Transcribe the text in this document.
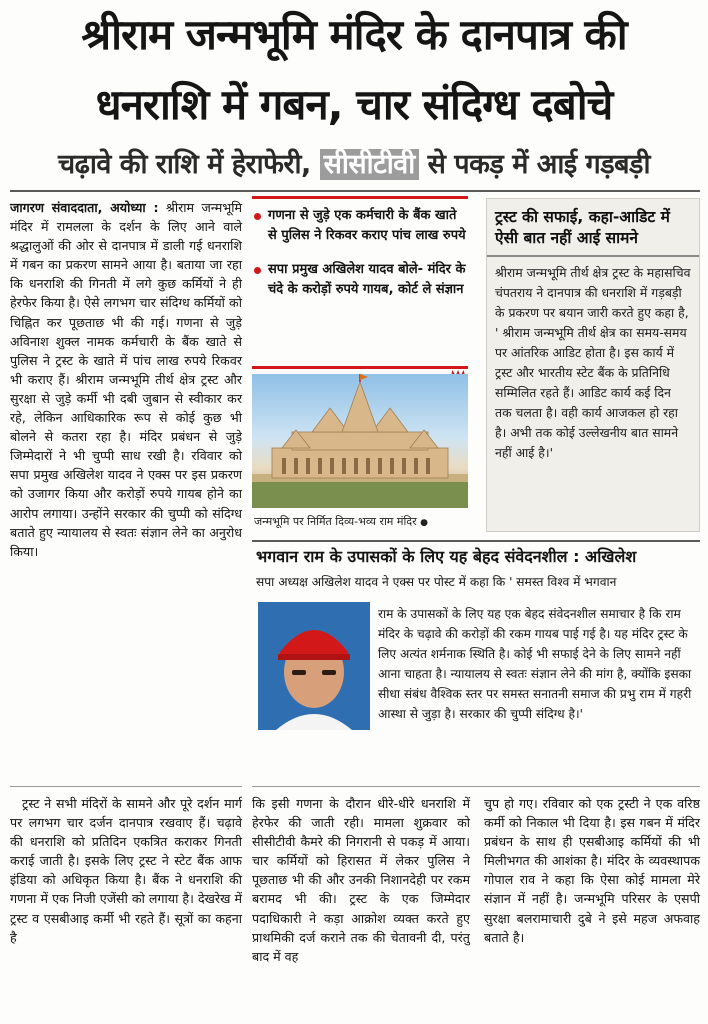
श्रीराम जन्मभूमि मंदिर के दानपात्र की
धनराशि में गबन, चार संदिग्ध दबोचे
चढ़ावे की राशि में हेराफेरी, सीसीटीवी से पकड़ में आई गड़बड़ी

जागरण संवाददाता, अयोध्या : श्रीराम जन्मभूमि मंदिर में रामलला के दर्शन के लिए आने वाले श्रद्धालुओं की ओर से दानपात्र में डाली गई धनराशि में गबन का प्रकरण सामने आया है। बताया जा रहा कि धनराशि की गिनती में लगे कुछ कर्मियों ने ही हेरफेर किया है। ऐसे लगभग चार संदिग्ध कर्मियों को चिह्नित कर पूछताछ भी की गई। गणना से जुड़े अविनाश शुक्ल नामक कर्मचारी के बैंक खाते से पुलिस ने ट्रस्ट के खाते में पांच लाख रुपये रिकवर भी कराए हैं। श्रीराम जन्मभूमि तीर्थ क्षेत्र ट्रस्ट और सुरक्षा से जुड़े कर्मी भी दबी जुबान से स्वीकार कर रहे, लेकिन आधिकारिक रूप से कोई कुछ भी बोलने से कतरा रहा है। मंदिर प्रबंधन से जुड़े जिम्मेदारों ने भी चुप्पी साध रखी है। रविवार को सपा प्रमुख अखिलेश यादव ने एक्स पर इस प्रकरण को उजागर किया और करोड़ों रुपये गायब होने का आरोप लगाया। उन्होंने सरकार की चुप्पी को संदिग्ध बताते हुए न्यायालय से स्वतः संज्ञान लेने का अनुरोध किया।

ट्रस्ट ने सभी मंदिरों के सामने और पूरे दर्शन मार्ग पर लगभग चार दर्जन दानपात्र रखवाए हैं। चढ़ावे की धनराशि को प्रतिदिन एकत्रित कराकर गिनती कराई जाती है। इसके लिए ट्रस्ट ने स्टेट बैंक आफ इंडिया को अधिकृत किया है। बैंक ने धनराशि की गणना में एक निजी एजेंसी को लगाया है। देखरेख में ट्रस्ट व एसबीआइ कर्मी भी रहते हैं। सूत्रों का कहना है

गणना से जुड़े एक कर्मचारी के बैंक खाते से पुलिस ने रिकवर कराए पांच लाख रुपये
सपा प्रमुख अखिलेश यादव बोले- मंदिर के चंदे के करोड़ों रुपये गायब, कोर्ट ले संज्ञान
जन्मभूमि पर निर्मित दिव्य-भव्य राम मंदिर ●
ट्रस्ट की सफाई, कहा-आडिट में ऐसी बात नहीं आई सामने

श्रीराम जन्मभूमि तीर्थ क्षेत्र ट्रस्ट के महासचिव चंपतराय ने दानपात्र की धनराशि में गड़बड़ी के प्रकरण पर बयान जारी करते हुए कहा है, ' श्रीराम जन्मभूमि तीर्थ क्षेत्र का समय-समय पर आंतरिक आडिट होता है। इस कार्य में ट्रस्ट और भारतीय स्टेट बैंक के प्रतिनिधि सम्मिलित रहते हैं। आडिट कार्य कई दिन तक चलता है। वही कार्य आजकल हो रहा है। अभी तक कोई उल्लेखनीय बात सामने नहीं आई है।'

भगवान राम के उपासकों के लिए यह बेहद संवेदनशील : अखिलेश

सपा अध्यक्ष अखिलेश यादव ने एक्स पर पोस्ट में कहा कि ' समस्त विश्व में भगवान

राम के उपासकों के लिए यह एक बेहद संवेदनशील समाचार है कि राम मंदिर के चढ़ावे की करोड़ों की रकम गायब पाई गई है। यह मंदिर ट्रस्ट के लिए अत्यंत शर्मनाक स्थिति है। कोई भी सफाई देने के लिए सामने नहीं आना चाहता है। न्यायालय से स्वतः संज्ञान लेने की मांग है, क्योंकि इसका सीधा संबंध वैश्विक स्तर पर समस्त सनातनी समाज की प्रभु राम में गहरी आस्था से जुड़ा है। सरकार की चुप्पी संदिग्ध है।'

कि इसी गणना के दौरान धीरे-धीरे धनराशि में हेरफेर की जाती रही। मामला शुक्रवार को सीसीटीवी कैमरे की निगरानी से पकड़ में आया। चार कर्मियों को हिरासत में लेकर पुलिस ने पूछताछ भी की और उनकी निशानदेही पर रकम बरामद भी की। ट्रस्ट के एक जिम्मेदार पदाधिकारी ने कड़ा आक्रोश व्यक्त करते हुए प्राथमिकी दर्ज कराने तक की चेतावनी दी, परंतु बाद में वह

चुप हो गए। रविवार को एक ट्रस्टी ने एक वरिष्ठ कर्मी को निकाल भी दिया है। इस गबन में मंदिर प्रबंधन के साथ ही एसबीआइ कर्मियों की भी मिलीभगत की आशंका है। मंदिर के व्यवस्थापक गोपाल राव ने कहा कि ऐसा कोई मामला मेरे संज्ञान में नहीं है। जन्मभूमि परिसर के एसपी सुरक्षा बलरामाचारी दुबे ने इसे महज अफवाह बताते है।
